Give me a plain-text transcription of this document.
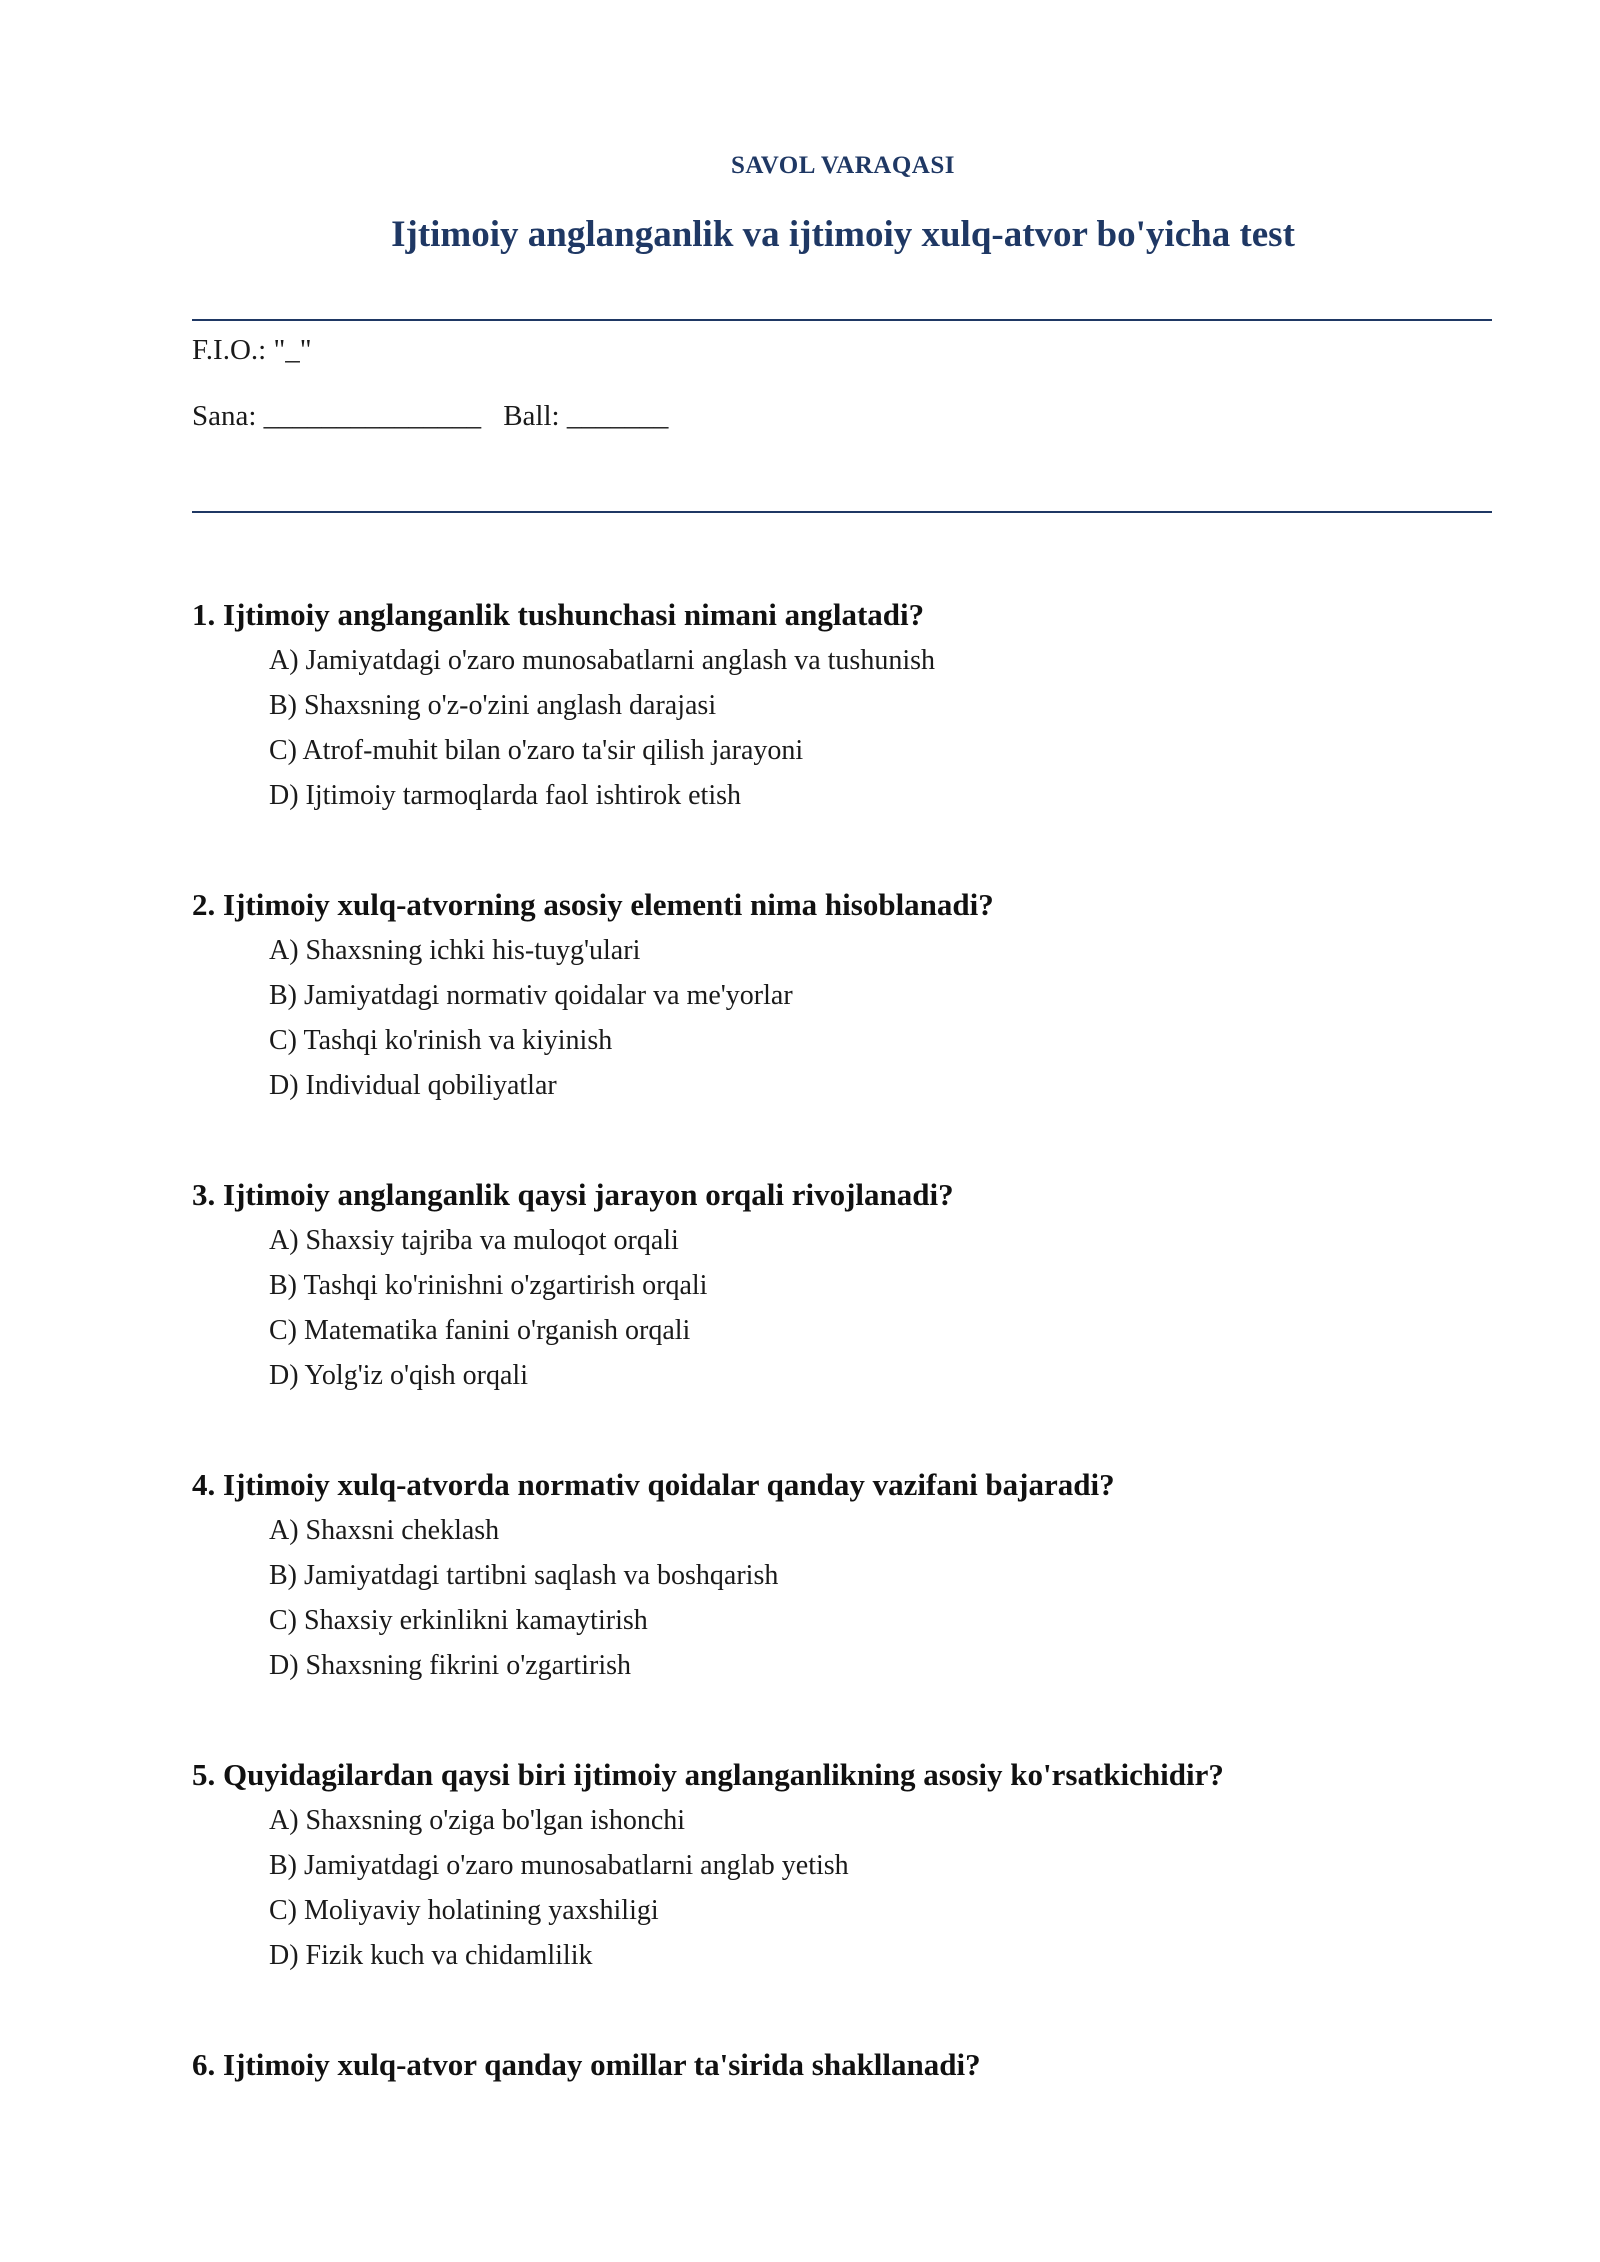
SAVOL VARAQASI
Ijtimoiy anglanganlik va ijtimoiy xulq-atvor bo'yicha test
F.I.O.: "_"
Sana: _______________ Ball: _______
1. Ijtimoiy anglanganlik tushunchasi nimani anglatadi?
A) Jamiyatdagi o'zaro munosabatlarni anglash va tushunish
B) Shaxsning o'z-o'zini anglash darajasi
C) Atrof-muhit bilan o'zaro ta'sir qilish jarayoni
D) Ijtimoiy tarmoqlarda faol ishtirok etish
2. Ijtimoiy xulq-atvorning asosiy elementi nima hisoblanadi?
A) Shaxsning ichki his-tuyg'ulari
B) Jamiyatdagi normativ qoidalar va me'yorlar
C) Tashqi ko'rinish va kiyinish
D) Individual qobiliyatlar
3. Ijtimoiy anglanganlik qaysi jarayon orqali rivojlanadi?
A) Shaxsiy tajriba va muloqot orqali
B) Tashqi ko'rinishni o'zgartirish orqali
C) Matematika fanini o'rganish orqali
D) Yolg'iz o'qish orqali
4. Ijtimoiy xulq-atvorda normativ qoidalar qanday vazifani bajaradi?
A) Shaxsni cheklash
B) Jamiyatdagi tartibni saqlash va boshqarish
C) Shaxsiy erkinlikni kamaytirish
D) Shaxsning fikrini o'zgartirish
5. Quyidagilardan qaysi biri ijtimoiy anglanganlikning asosiy ko'rsatkichidir?
A) Shaxsning o'ziga bo'lgan ishonchi
B) Jamiyatdagi o'zaro munosabatlarni anglab yetish
C) Moliyaviy holatining yaxshiligi
D) Fizik kuch va chidamlilik
6. Ijtimoiy xulq-atvor qanday omillar ta'sirida shakllanadi?
